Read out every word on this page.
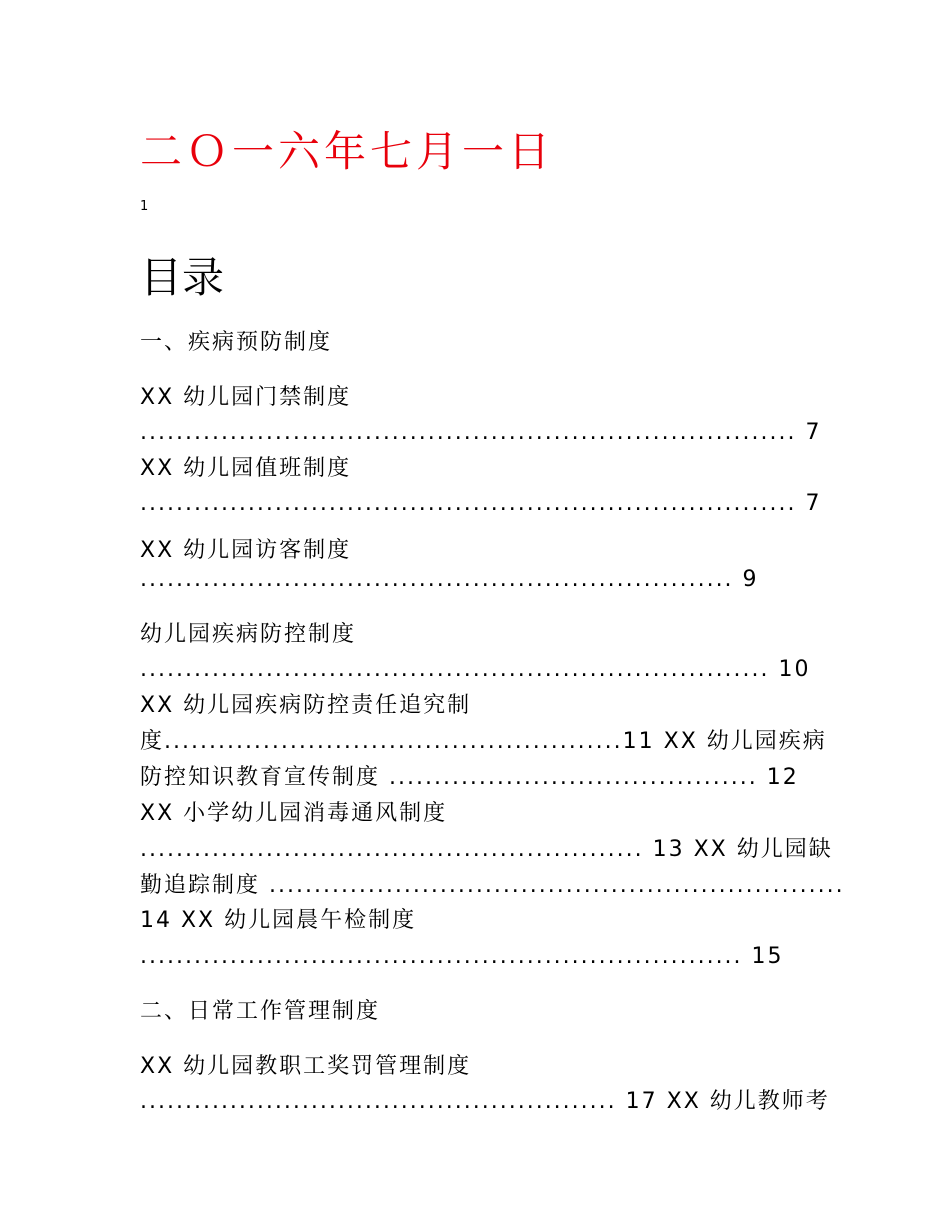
二Ｏ一六年七月一日
1
目录
一、疾病预防制度
XX 幼儿园门禁制度
......................................................................... 7
XX 幼儿园值班制度
......................................................................... 7
XX 幼儿园访客制度
.................................................................. 9
幼儿园疾病防控制度
...................................................................... 10
XX 幼儿园疾病防控责任追究制
度...................................................11 XX 幼儿园疾病
防控知识教育宣传制度 ......................................... 12
XX 小学幼儿园消毒通风制度
........................................................ 13 XX 幼儿园缺
勤追踪制度 ................................................................
14 XX 幼儿园晨午检制度
................................................................... 15
二、日常工作管理制度
XX 幼儿园教职工奖罚管理制度
..................................................... 17 XX 幼儿教师考
